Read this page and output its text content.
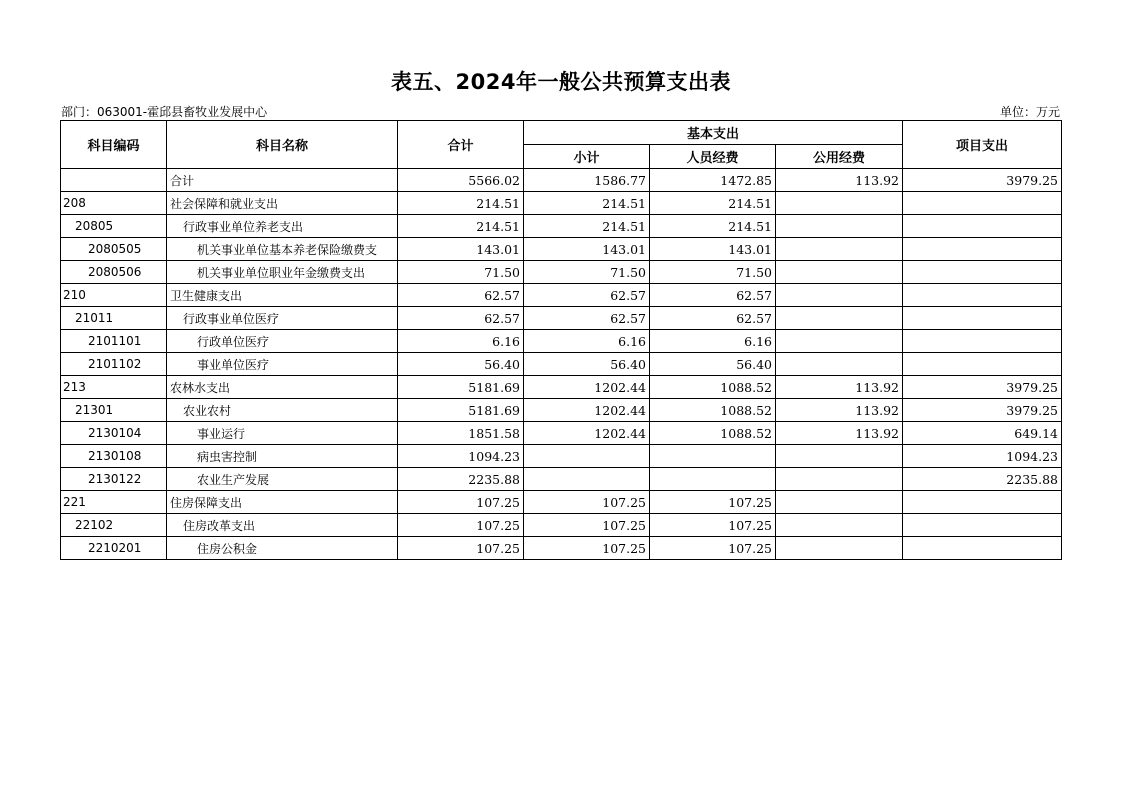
表五、2024年一般公共预算支出表
部门：063001-霍邱县畜牧业发展中心	单位：万元
科目编码	科目名称	合计	基本支出			项目支出
			小计	人员经费	公用经费	
	合计	5566.02	1586.77	1472.85	113.92	3979.25
208	社会保障和就业支出	214.51	214.51	214.51		
20805	行政事业单位养老支出	214.51	214.51	214.51		
2080505	机关事业单位基本养老保险缴费支	143.01	143.01	143.01		
2080506	机关事业单位职业年金缴费支出	71.50	71.50	71.50		
210	卫生健康支出	62.57	62.57	62.57		
21011	行政事业单位医疗	62.57	62.57	62.57		
2101101	行政单位医疗	6.16	6.16	6.16		
2101102	事业单位医疗	56.40	56.40	56.40		
213	农林水支出	5181.69	1202.44	1088.52	113.92	3979.25
21301	农业农村	5181.69	1202.44	1088.52	113.92	3979.25
2130104	事业运行	1851.58	1202.44	1088.52	113.92	649.14
2130108	病虫害控制	1094.23				1094.23
2130122	农业生产发展	2235.88				2235.88
221	住房保障支出	107.25	107.25	107.25		
22102	住房改革支出	107.25	107.25	107.25		
2210201	住房公积金	107.25	107.25	107.25		
